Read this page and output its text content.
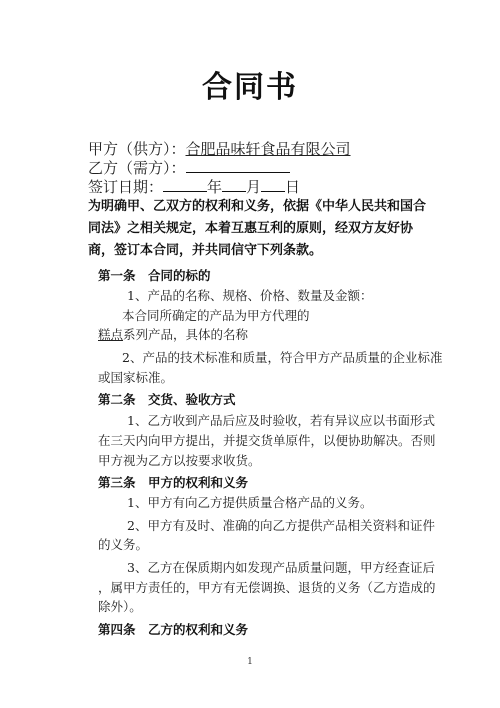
合同书
甲方（供方）：合肥品味轩食品有限公司
乙方（需方）：
签订日期：	年 月 日
为明确甲、乙双方的权利和义务，依据《中华人民共和国合同法》之相关规定，本着互惠互利的原则，经双方友好协商，签订本合同，并共同信守下列条款。
第一条　合同的标的
1、产品的名称、规格、价格、数量及金额：
本合同所确定的产品为甲方代理的
糕点系列产品，具体的名称
2、产品的技术标准和质量，符合甲方产品质量的企业标准
或国家标准。
第二条　交货、验收方式
1、乙方收到产品后应及时验收，若有异议应以书面形式
在三天内向甲方提出，并提交货单原件，以便协助解决。否则
甲方视为乙方以按要求收货。
第三条　甲方的权利和义务
1、甲方有向乙方提供质量合格产品的义务。
2、甲方有及时、准确的向乙方提供产品相关资料和证件
的义务。
3、乙方在保质期内如发现产品质量问题，甲方经查证后
，属甲方责任的，甲方有无偿调换、退货的义务（乙方造成的
除外）。
第四条　乙方的权利和义务
1
